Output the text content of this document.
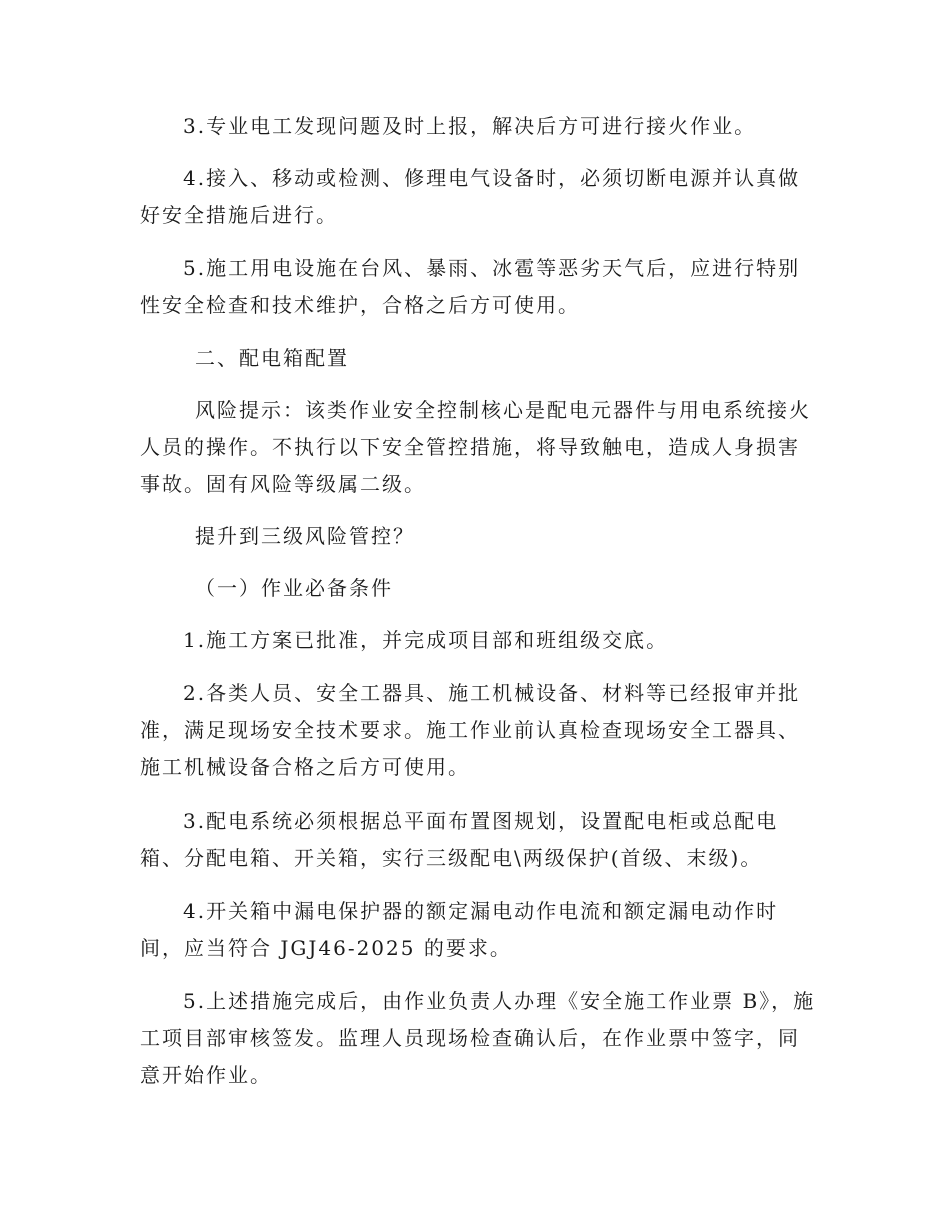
3.专业电工发现问题及时上报，解决后方可进行接火作业。
4.接入、移动或检测、修理电气设备时，必须切断电源并认真做
好安全措施后进行。
5.施工用电设施在台风、暴雨、冰雹等恶劣天气后，应进行特别
性安全检查和技术维护，合格之后方可使用。
二、配电箱配置
风险提示：该类作业安全控制核心是配电元器件与用电系统接火
人员的操作。不执行以下安全管控措施，将导致触电，造成人身损害
事故。固有风险等级属二级。
提升到三级风险管控？
（一）作业必备条件
1.施工方案已批准，并完成项目部和班组级交底。
2.各类人员、安全工器具、施工机械设备、材料等已经报审并批
准，满足现场安全技术要求。施工作业前认真检查现场安全工器具、
施工机械设备合格之后方可使用。
3.配电系统必须根据总平面布置图规划，设置配电柜或总配电
箱、分配电箱、开关箱，实行三级配电\两级保护(首级、末级)。
4.开关箱中漏电保护器的额定漏电动作电流和额定漏电动作时
间，应当符合 JGJ46-2025 的要求。
5.上述措施完成后，由作业负责人办理《安全施工作业票 B》，施
工项目部审核签发。监理人员现场检查确认后，在作业票中签字，同
意开始作业。
